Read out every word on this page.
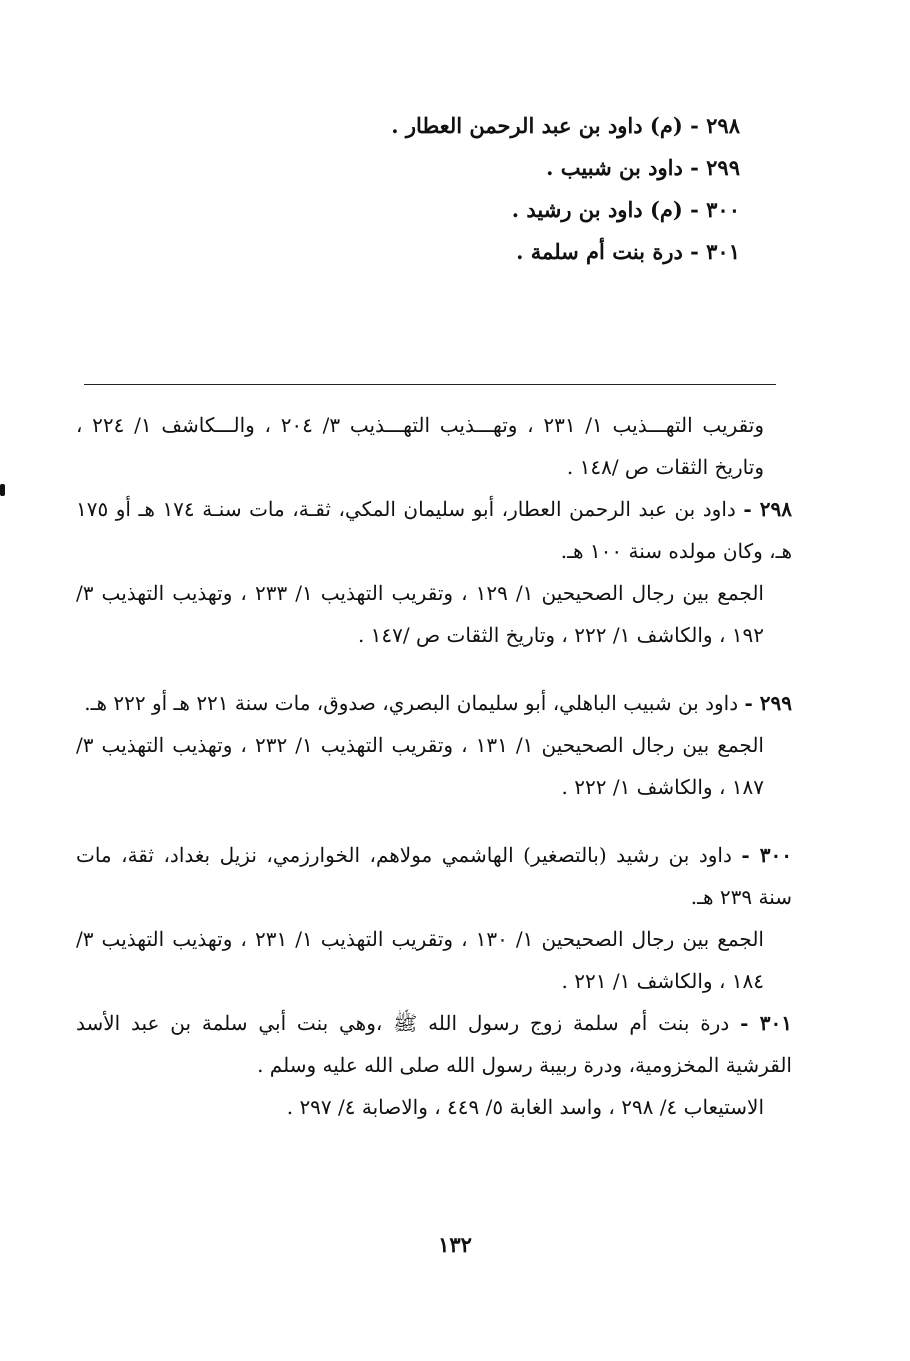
٢٩٨ - (م) داود بن عبد الرحمن العطار .
٢٩٩ - داود بن شبيب .
٣٠٠ - (م) داود بن رشيد .
٣٠١ - درة بنت أم سلمة .

وتقريب التهـــذيب ١/ ٢٣١ ، وتهـــذيب التهـــذيب ٣/ ٢٠٤ ، والـــكاشف ١/ ٢٢٤ ، وتاريخ الثقات ص /١٤٨ .

٢٩٨ - داود بن عبد الرحمن العطار، أبو سليمان المكي، ثقـة، مات سنـة ١٧٤ هـ أو ١٧٥ هـ، وكان مولده سنة ١٠٠ هـ.

الجمع بين رجال الصحيحين ١/ ١٢٩ ، وتقريب التهذيب ١/ ٢٣٣ ، وتهذيب التهذيب ٣/ ١٩٢ ، والكاشف ١/ ٢٢٢ ، وتاريخ الثقات ص /١٤٧ .

٢٩٩ - داود بن شبيب الباهلي، أبو سليمان البصري، صدوق، مات سنة ٢٢١ هـ أو ٢٢٢ هـ.

الجمع بين رجال الصحيحين ١/ ١٣١ ، وتقريب التهذيب ١/ ٢٣٢ ، وتهذيب التهذيب ٣/ ١٨٧ ، والكاشف ١/ ٢٢٢ .

٣٠٠ - داود بن رشيد (بالتصغير) الهاشمي مولاهم، الخوارزمي، نزيل بغداد، ثقة، مات سنة ٢٣٩ هـ.

الجمع بين رجال الصحيحين ١/ ١٣٠ ، وتقريب التهذيب ١/ ٢٣١ ، وتهذيب التهذيب ٣/ ١٨٤ ، والكاشف ١/ ٢٢١ .

٣٠١ - درة بنت أم سلمة زوج رسول الله ﷺ ،وهي بنت أبي سلمة بن عبد الأسد القرشية المخزومية، ودرة ربيبة رسول الله صلى الله عليه وسلم .

الاستيعاب ٤/ ٢٩٨ ، واسد الغابة ٥/ ٤٤٩ ، والاصابة ٤/ ٢٩٧ .

١٣٢
